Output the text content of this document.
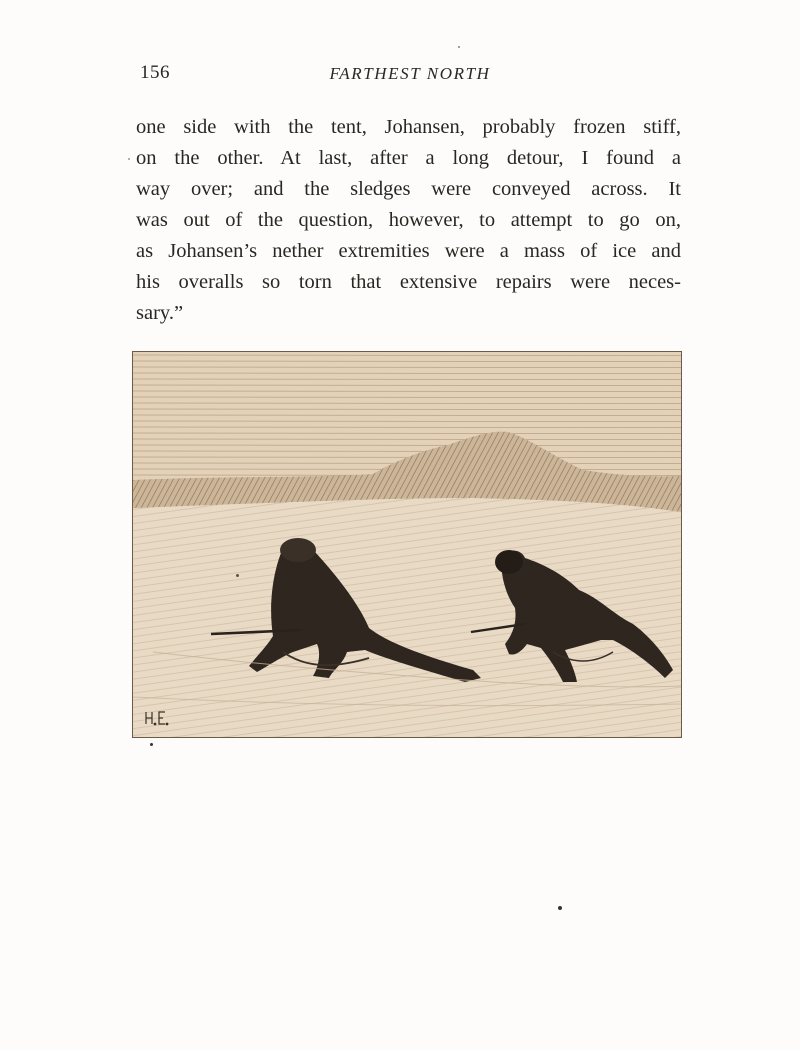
156	FARTHEST NORTH
one side with the tent, Johansen, probably frozen stiff,
on the other. At last, after a long detour, I found a
way over; and the sledges were conveyed across. It
was out of the question, however, to attempt to go on,
as Johansen’s nether extremities were a mass of ice and
his overalls so torn that extensive repairs were neces-
sary.”
